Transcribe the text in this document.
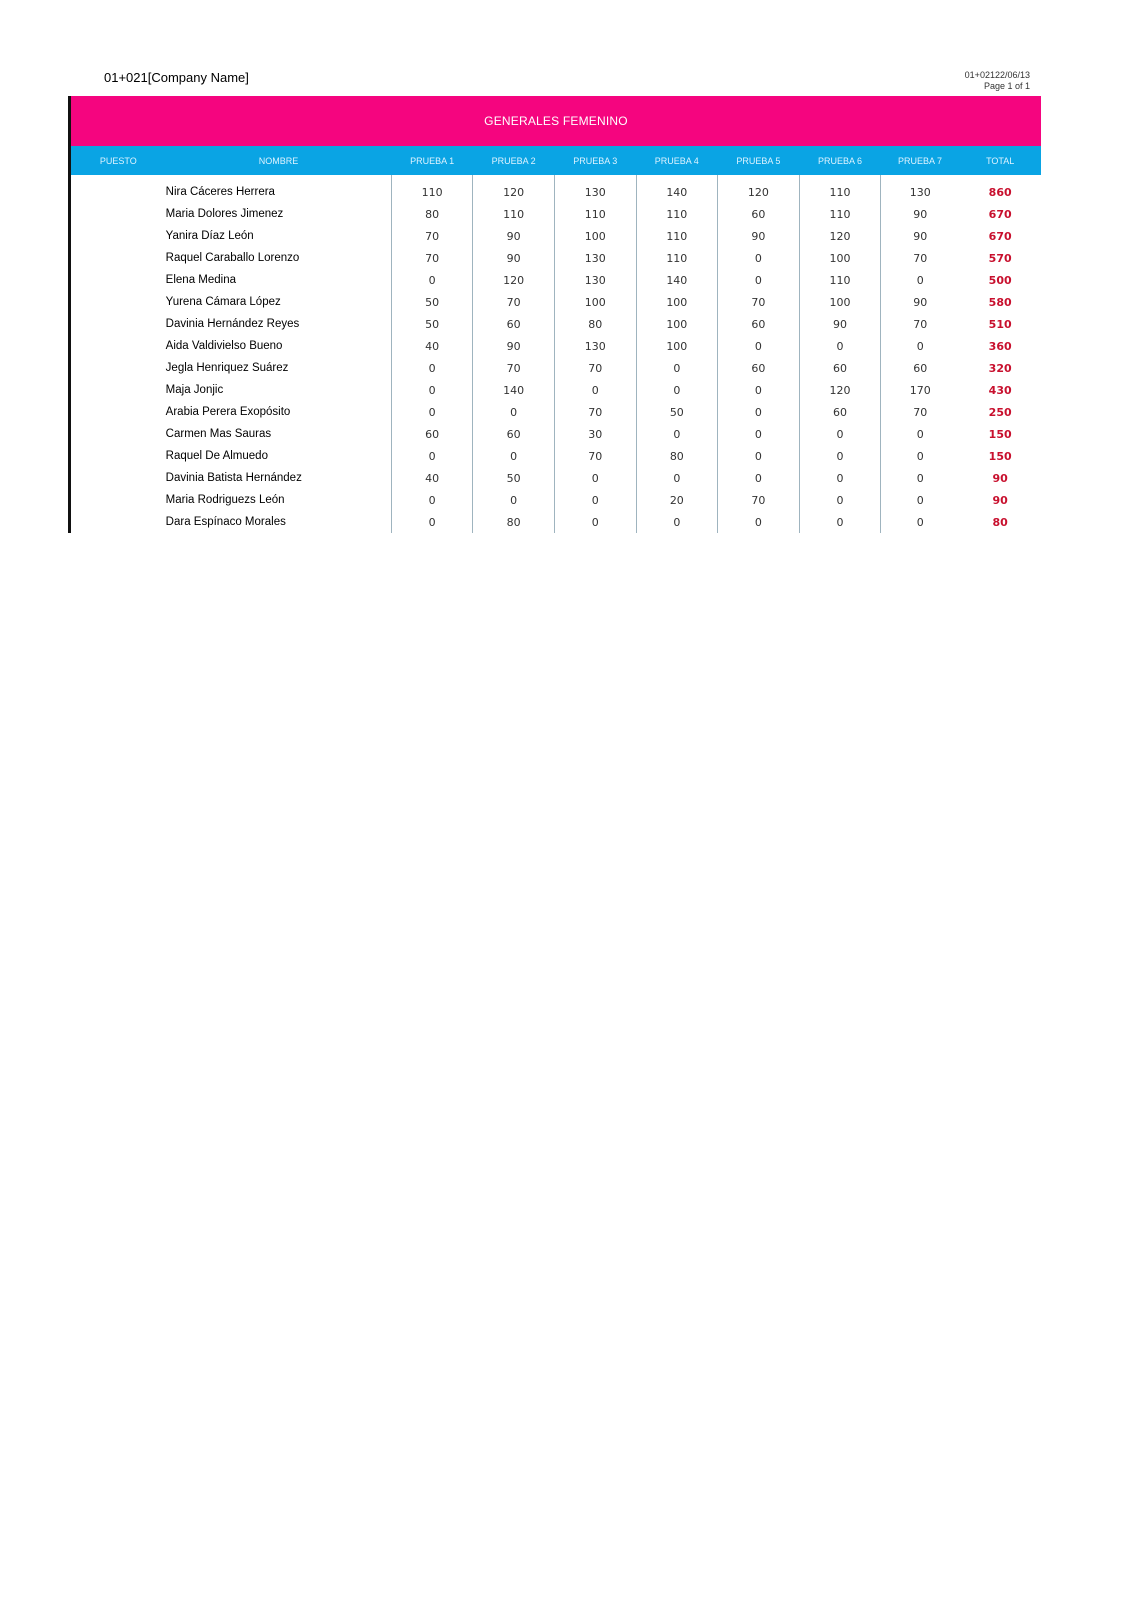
01+021[Company Name]	01+02122/06/13
Page 1 of 1
GENERALES FEMENINO
PUESTO	NOMBRE	PRUEBA 1	PRUEBA 2	PRUEBA 3	PRUEBA 4	PRUEBA 5	PRUEBA 6	PRUEBA 7	TOTAL
	Nira Cáceres Herrera	110	120	130	140	120	110	130	860
	Maria Dolores Jimenez	80	110	110	110	60	110	90	670
	Yanira Díaz León	70	90	100	110	90	120	90	670
	Raquel Caraballo Lorenzo	70	90	130	110	0	100	70	570
	Elena Medina	0	120	130	140	0	110	0	500
	Yurena Cámara López	50	70	100	100	70	100	90	580
	Davinia Hernández Reyes	50	60	80	100	60	90	70	510
	Aida Valdivielso Bueno	40	90	130	100	0	0	0	360
	Jegla Henriquez Suárez	0	70	70	0	60	60	60	320
	Maja Jonjic	0	140	0	0	0	120	170	430
	Arabia Perera Exopósito	0	0	70	50	0	60	70	250
	Carmen Mas Sauras	60	60	30	0	0	0	0	150
	Raquel De Almuedo	0	0	70	80	0	0	0	150
	Davinia Batista Hernández	40	50	0	0	0	0	0	90
	Maria Rodriguezs León	0	0	0	20	70	0	0	90
	Dara Espínaco Morales	0	80	0	0	0	0	0	80
